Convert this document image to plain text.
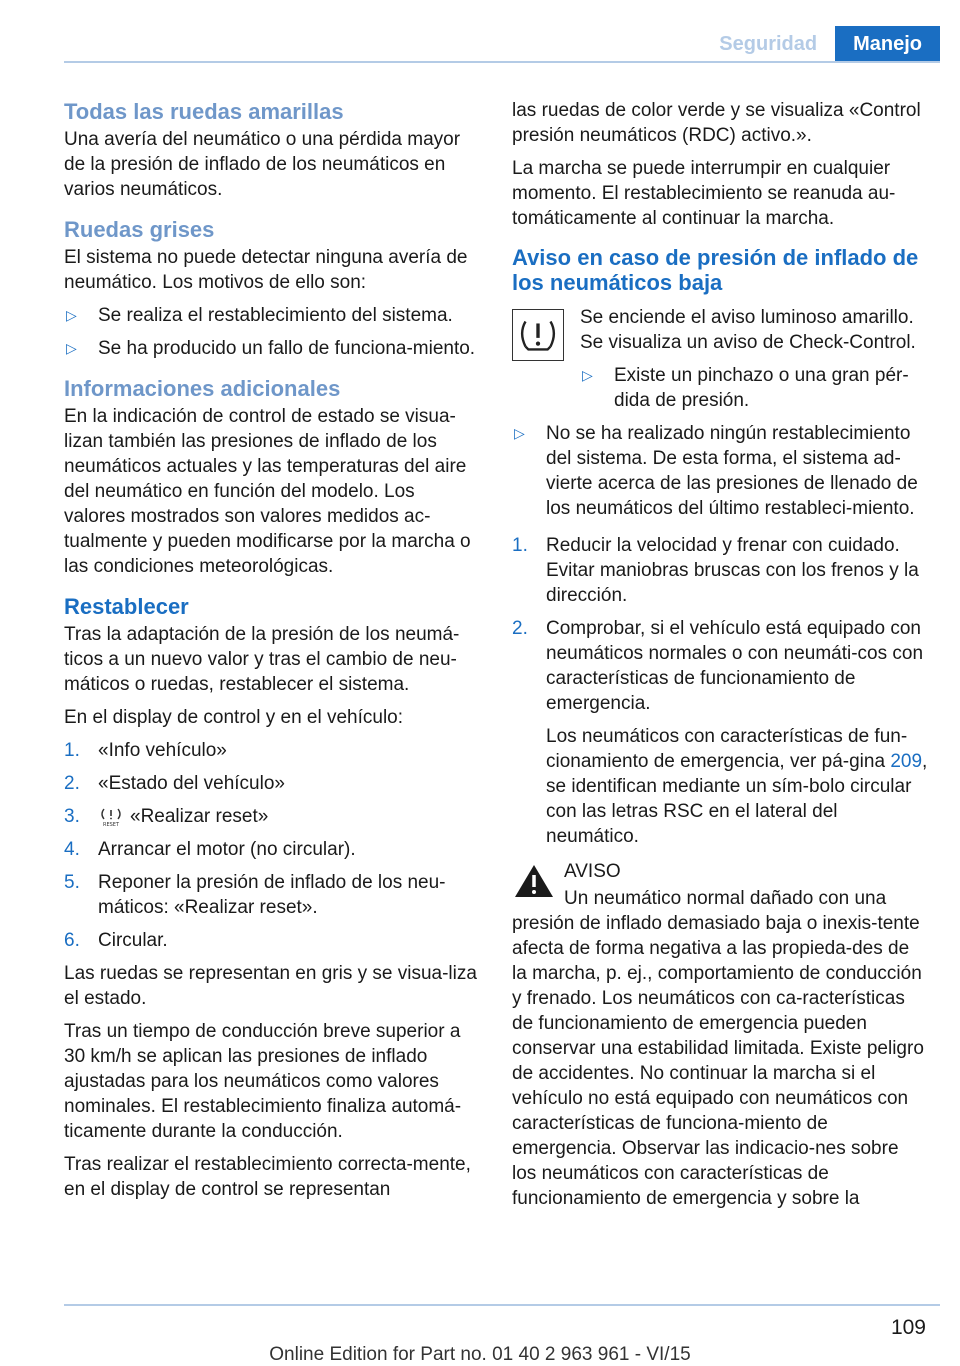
Seguridad	Manejo
Todas las ruedas amarillas

Una avería del neumático o una pérdida mayor de la presión de inflado de los neumáticos en varios neumáticos.

Ruedas grises

El sistema no puede detectar ninguna avería de neumático. Los motivos de ello son:

▷ Se realiza el restablecimiento del sistema.
▷ Se ha producido un fallo de funciona‐miento.
Informaciones adicionales

En la indicación de control de estado se visua‐lizan también las presiones de inflado de los neumáticos actuales y las temperaturas del aire del neumático en función del modelo. Los valores mostrados son valores medidos ac‐tualmente y pueden modificarse por la marcha o las condiciones meteorológicas.

Restablecer

Tras la adaptación de la presión de los neumá‐ticos a un nuevo valor y tras el cambio de neu‐máticos o ruedas, restablecer el sistema.

En el display de control y en el vehículo:

1. «Info vehículo»
2. «Estado del vehículo»
3.	RESET «Realizar reset»
4. Arrancar el motor (no circular).
5. Reponer la presión de inflado de los neu‐máticos: «Realizar reset».
6. Circular.

Las ruedas se representan en gris y se visua‐liza el estado.

Tras un tiempo de conducción breve superior a 30 km/h se aplican las presiones de inflado ajustadas para los neumáticos como valores nominales. El restablecimiento finaliza automá‐ticamente durante la conducción.

Tras realizar el restablecimiento correcta‐mente, en el display de control se representan

las ruedas de color verde y se visualiza «Control presión neumáticos (RDC) activo.».

La marcha se puede interrumpir en cualquier momento. El restablecimiento se reanuda au‐tomáticamente al continuar la marcha.

Aviso en caso de presión de inflado de los neumáticos baja

Se enciende el aviso luminoso amarillo. Se visualiza un aviso de Check-Control.

▷ Existe un pinchazo o una gran pér‐dida de presión.
▷ No se ha realizado ningún restablecimiento del sistema. De esta forma, el sistema ad‐vierte acerca de las presiones de llenado de los neumáticos del último restableci‐miento.
1. Reducir la velocidad y frenar con cuidado. Evitar maniobras bruscas con los frenos y la dirección.
2. Comprobar, si el vehículo está equipado con neumáticos normales o con neumáti‐cos con características de funcionamiento de emergencia.

Los neumáticos con características de fun‐cionamiento de emergencia, ver pá‐gina 209, se identifican mediante un sím‐bolo circular con las letras RSC en el lateral del neumático.

AVISO

Un neumático normal dañado con una presión de inflado demasiado baja o inexis‐tente afecta de forma negativa a las propieda‐des de la marcha, p. ej., comportamiento de conducción y frenado. Los neumáticos con ca‐racterísticas de funcionamiento de emergencia pueden conservar una estabilidad limitada. Existe peligro de accidentes. No continuar la marcha si el vehículo no está equipado con neumáticos con características de funciona‐miento de emergencia. Observar las indicacio‐nes sobre los neumáticos con características de funcionamiento de emergencia y sobre la

109
Online Edition for Part no. 01 40 2 963 961 - VI/15
